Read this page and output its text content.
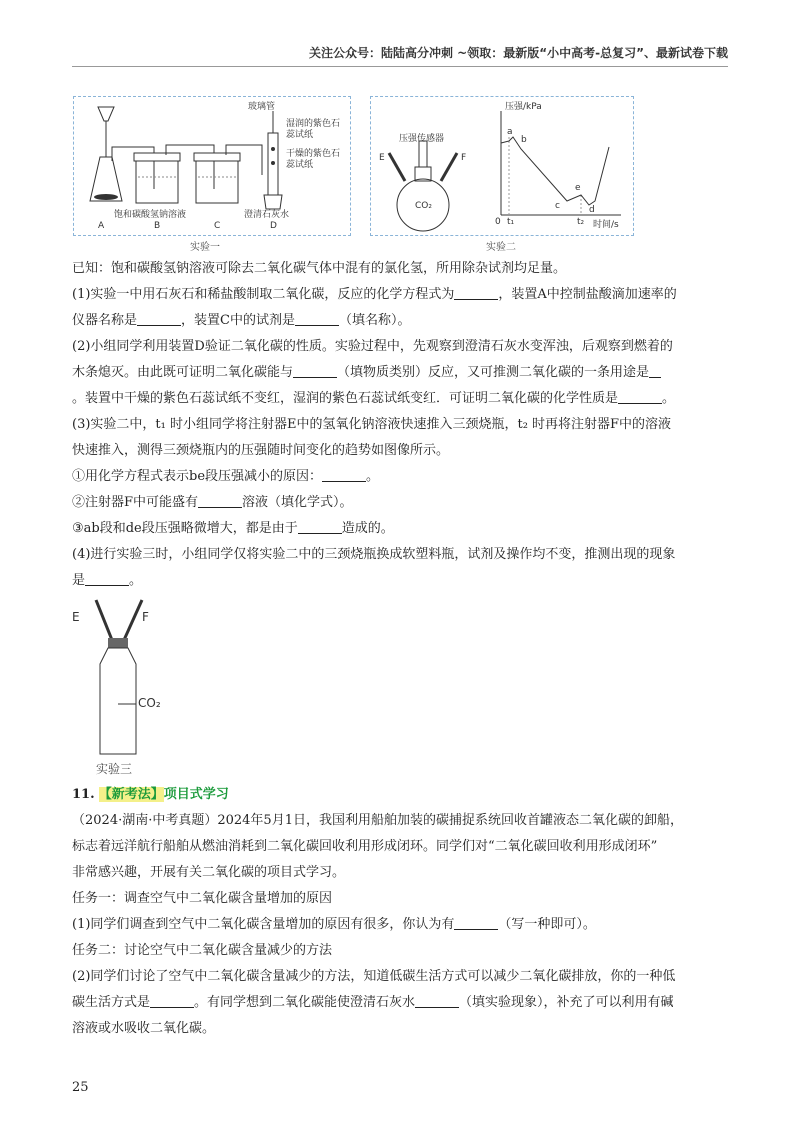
关注公众号：陆陆高分冲刺 ~领取：最新版“小中高考-总复习”、最新试卷下载
玻璃管
湿润的紫色石蕊试纸
干燥的紫色石蕊试纸
饱和碳酸氢钠溶液	澄清石灰水
A	B	C	D
实验一
压强传感器
E	F
CO₂
压强/kPa
时间/s
0 t₁	t₂
a
b
c	d
e
实验二
已知：饱和碳酸氢钠溶液可除去二氧化碳气体中混有的氯化氢，所用除杂试剂均足量。
(1)实验一中用石灰石和稀盐酸制取二氧化碳，反应的化学方程式为	，装置A中控制盐酸滴加速率的
仪器名称是	，装置C中的试剂是	（填名称）。
(2)小组同学利用装置D验证二氧化碳的性质。实验过程中，先观察到澄清石灰水变浑浊，后观察到燃着的
木条熄灭。由此既可证明二氧化碳能与	（填物质类别）反应，又可推测二氧化碳的一条用途是
。装置中干燥的紫色石蕊试纸不变红，湿润的紫色石蕊试纸变红．可证明二氧化碳的化学性质是	。
(3)实验二中，t₁ 时小组同学将注射器E中的氢氧化钠溶液快速推入三颈烧瓶，t₂ 时再将注射器F中的溶液
快速推入，测得三颈烧瓶内的压强随时间变化的趋势如图像所示。
①用化学方程式表示be段压强减小的原因：	。
②注射器F中可能盛有	溶液（填化学式）。
③ab段和de段压强略微增大，都是由于	造成的。
(4)进行实验三时，小组同学仅将实验二中的三颈烧瓶换成软塑料瓶，试剂及操作均不变，推测出现的现象
是	。
E	F
CO₂
实验三
11. 【新考法】项目式学习
（2024·湖南·中考真题）2024年5月1日，我国利用船舶加装的碳捕捉系统回收首罐液态二氧化碳的卸船，
标志着远洋航行船舶从燃油消耗到二氧化碳回收利用形成闭环。同学们对“二氧化碳回收利用形成闭环”
非常感兴趣，开展有关二氧化碳的项目式学习。
任务一：调查空气中二氧化碳含量增加的原因
(1)同学们调查到空气中二氧化碳含量增加的原因有很多，你认为有	（写一种即可）。
任务二：讨论空气中二氧化碳含量减少的方法
(2)同学们讨论了空气中二氧化碳含量减少的方法，知道低碳生活方式可以减少二氧化碳排放，你的一种低
碳生活方式是	。有同学想到二氧化碳能使澄清石灰水	（填实验现象），补充了可以利用有碱
溶液或水吸收二氧化碳。
25
